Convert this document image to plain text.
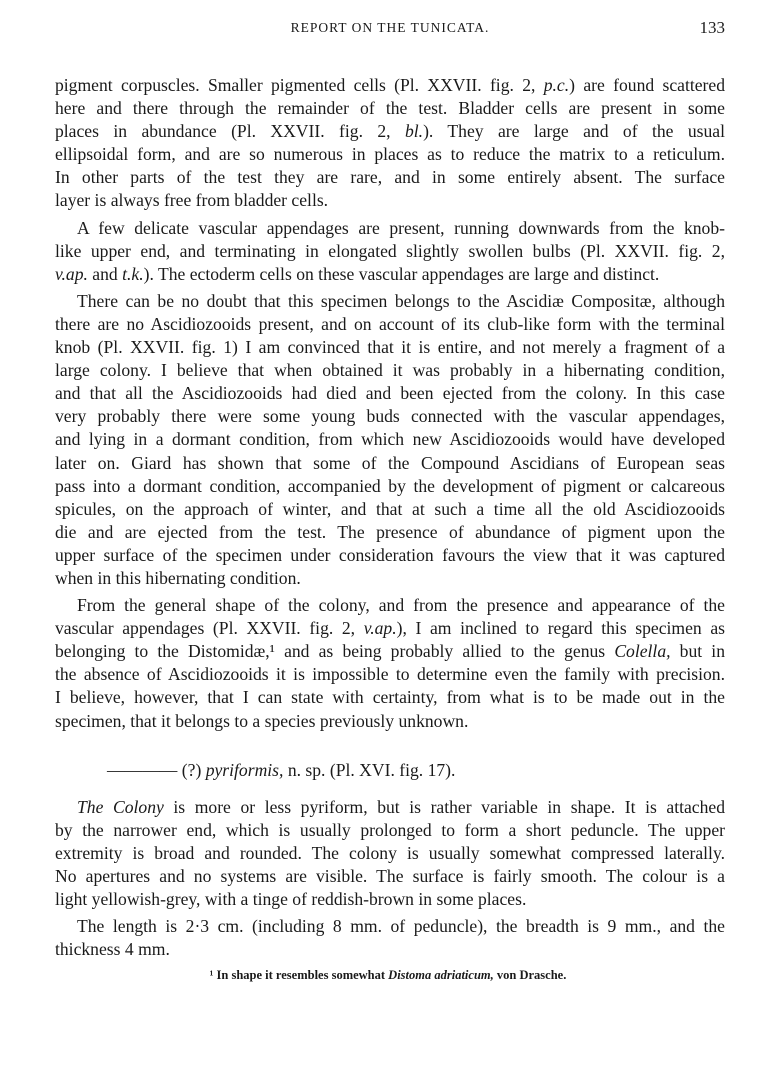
REPORT ON THE TUNICATA.	133
pigment corpuscles. Smaller pigmented cells (Pl. XXVII. fig. 2, p.c.) are found scattered
here and there through the remainder of the test. Bladder cells are present in some
places in abundance (Pl. XXVII. fig. 2, bl.). They are large and of the usual
ellipsoidal form, and are so numerous in places as to reduce the matrix to a reticulum.
In other parts of the test they are rare, and in some entirely absent. The surface
layer is always free from bladder cells.
A few delicate vascular appendages are present, running downwards from the knob-
like upper end, and terminating in elongated slightly swollen bulbs (Pl. XXVII. fig. 2,
v.ap. and t.k.). The ectoderm cells on these vascular appendages are large and distinct.
There can be no doubt that this specimen belongs to the Ascidiæ Compositæ, although
there are no Ascidiozooids present, and on account of its club-like form with the terminal
knob (Pl. XXVII. fig. 1) I am convinced that it is entire, and not merely a fragment of a
large colony. I believe that when obtained it was probably in a hibernating condition,
and that all the Ascidiozooids had died and been ejected from the colony. In this case
very probably there were some young buds connected with the vascular appendages,
and lying in a dormant condition, from which new Ascidiozooids would have developed
later on. Giard has shown that some of the Compound Ascidians of European seas
pass into a dormant condition, accompanied by the development of pigment or calcareous
spicules, on the approach of winter, and that at such a time all the old Ascidiozooids
die and are ejected from the test. The presence of abundance of pigment upon the
upper surface of the specimen under consideration favours the view that it was captured
when in this hibernating condition.
From the general shape of the colony, and from the presence and appearance of the
vascular appendages (Pl. XXVII. fig. 2, v.ap.), I am inclined to regard this specimen as
belonging to the Distomidæ,¹ and as being probably allied to the genus Colella, but in
the absence of Ascidiozooids it is impossible to determine even the family with precision.
I believe, however, that I can state with certainty, from what is to be made out in the
specimen, that it belongs to a species previously unknown.
———— (?) pyriformis, n. sp. (Pl. XVI. fig. 17).
The Colony is more or less pyriform, but is rather variable in shape. It is attached
by the narrower end, which is usually prolonged to form a short peduncle. The upper
extremity is broad and rounded. The colony is usually somewhat compressed laterally.
No apertures and no systems are visible. The surface is fairly smooth. The colour is a
light yellowish-grey, with a tinge of reddish-brown in some places.
The length is 2·3 cm. (including 8 mm. of peduncle), the breadth is 9 mm., and the
thickness 4 mm.
¹ In shape it resembles somewhat Distoma adriaticum, von Drasche.
